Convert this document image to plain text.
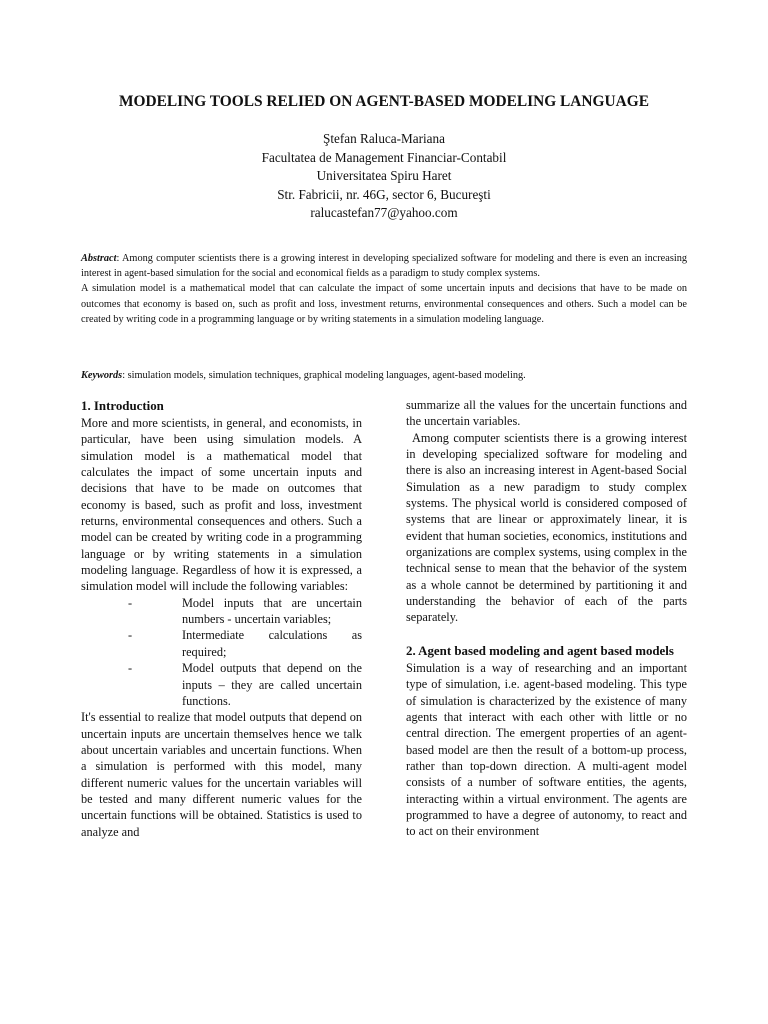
MODELING TOOLS RELIED ON AGENT-BASED MODELING LANGUAGE
Ştefan Raluca-Mariana
Facultatea de Management Financiar-Contabil
Universitatea Spiru Haret
Str. Fabricii, nr. 46G, sector 6, Bucureşti
ralucastefan77@yahoo.com

Abstract: Among computer scientists there is a growing interest in developing specialized software for modeling and there is even an increasing interest in agent-based simulation for the social and economical fields as a paradigm to study complex systems.

A simulation model is a mathematical model that can calculate the impact of some uncertain inputs and decisions that have to be made on outcomes that economy is based on, such as profit and loss, investment returns, environmental consequences and others. Such a model can be created by writing code in a programming language or by writing statements in a simulation modeling language.

Keywords: simulation models, simulation techniques, graphical modeling languages, agent-based modeling.
1. Introduction

More and more scientists, in general, and economists, in particular, have been using simulation models. A simulation model is a mathematical model that calculates the impact of some uncertain inputs and decisions that have to be made on outcomes that economy is based, such as profit and loss, investment returns, environmental consequences and others. Such a model can be created by writing code in a programming language or by writing statements in a simulation modeling language. Regardless of how it is expressed, a simulation model will include the following variables:

-	Model inputs that are uncertain numbers - uncertain variables;
-	Intermediate calculations as required;
-	Model outputs that depend on the inputs – they are called uncertain functions.

It's essential to realize that model outputs that depend on uncertain inputs are uncertain themselves hence we talk about uncertain variables and uncertain functions. When a simulation is performed with this model, many different numeric values for the uncertain variables will be tested and many different numeric values for the uncertain functions will be obtained. Statistics is used to analyze and

summarize all the values for the uncertain functions and the uncertain variables.

Among computer scientists there is a growing interest in developing specialized software for modeling and there is also an increasing interest in Agent-based Social Simulation as a new paradigm to study complex systems. The physical world is considered composed of systems that are linear or approximately linear, it is evident that human societies, economics, institutions and organizations are complex systems, using complex in the technical sense to mean that the behavior of the system as a whole cannot be determined by partitioning it and understanding the behavior of each of the parts separately.

2. Agent based modeling and agent based models

Simulation is a way of researching and an important type of simulation, i.e. agent-based modeling. This type of simulation is characterized by the existence of many agents that interact with each other with little or no central direction. The emergent properties of an agent-based model are then the result of a bottom-up process, rather than top-down direction. A multi-agent model consists of a number of software entities, the agents, interacting within a virtual environment. The agents are programmed to have a degree of autonomy, to react and to act on their environment
